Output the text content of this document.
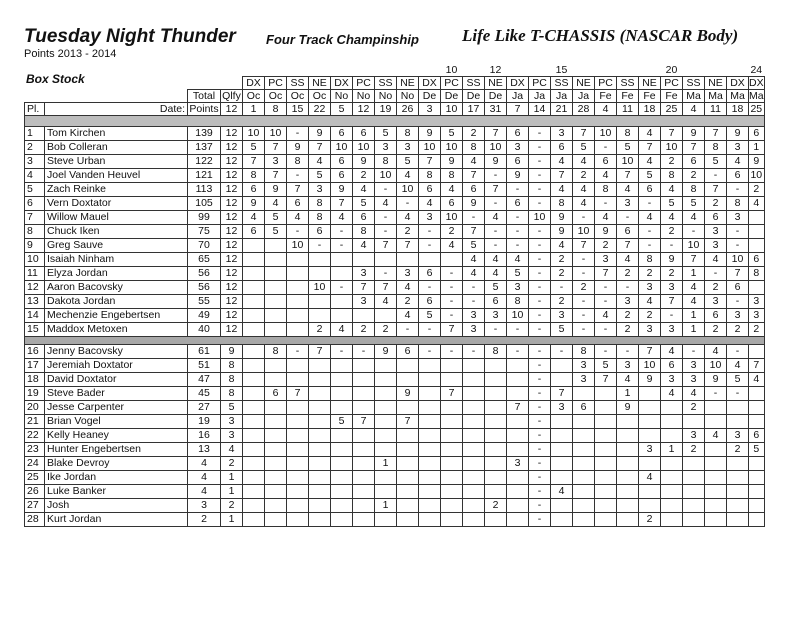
Tuesday Night Thunder
Points 2013 - 2014
Four Track Champinship	Life Like T-CHASSIS (NASCAR Body)
Box Stock
													10		12			15					20				24
				DX	PC	SS	NE	DX	PC	SS	NE	DX	PC	SS	NE	DX	PC	SS	NE	PC	SS	NE	PC	SS	NE	DX	DX
		Total	Qlfy	Oc	Oc	Oc	Oc	No	No	No	No	De	De	De	De	Ja	Ja	Ja	Ja	Fe	Fe	Fe	Fe	Ma	Ma	Ma	Ma
Pl.	Date:	Points	12	1	8	15	22	5	12	19	26	3	10	17	31	7	14	21	28	4	11	18	25	4	11	18	25

1	Tom Kirchen	139	12	10	10	-	9	6	6	5	8	9	5	2	7	6	-	3	7	10	8	4	7	9	7	9	6
2	Bob Colleran	137	12	5	7	9	7	10	10	3	3	10	10	8	10	3	-	6	5	-	5	7	10	7	8	3	1
3	Steve Urban	122	12	7	3	8	4	6	9	8	5	7	9	4	9	6	-	4	4	6	10	4	2	6	5	4	9
4	Joel Vanden Heuvel	121	12	8	7	-	5	6	2	10	4	8	8	7	-	9	-	7	2	4	7	5	8	2	-	6	10
5	Zach Reinke	113	12	6	9	7	3	9	4	-	10	6	4	6	7	-	-	4	4	8	4	6	4	8	7	-	2
6	Vern Doxtator	105	12	9	4	6	8	7	5	4	-	4	6	9	-	6	-	8	4	-	3	-	5	5	2	8	4
7	Willow Mauel	99	12	4	5	4	8	4	6	-	4	3	10	-	4	-	10	9	-	4	-	4	4	4	6	3	
8	Chuck Iken	75	12	6	5	-	6	-	8	-	2	-	2	7	-	-	-	9	10	9	6	-	2	-	3	-	
9	Greg Sauve	70	12			10	-	-	4	7	7	-	4	5	-	-	-	4	7	2	7	-	-	10	3	-	
10	Isaiah Ninham	65	12											4	4	4	-	2	-	3	4	8	9	7	4	10	6
11	Elyza Jordan	56	12						3	-	3	6	-	4	4	5	-	2	-	7	2	2	2	1	-	7	8
12	Aaron Bacovsky	56	12				10	-	7	7	4	-	-	-	5	3	-	-	2	-	-	3	3	4	2	6	
13	Dakota Jordan	55	12						3	4	2	6	-	-	6	8	-	2	-	-	3	4	7	4	3	-	3
14	Mechenzie Engebertsen	49	12								4	5	-	3	3	10	-	3	-	4	2	2	-	1	6	3	3
15	Maddox Metoxen	40	12				2	4	2	2	-	-	7	3	-	-	-	5	-	-	2	3	3	1	2	2	2

16	Jenny Bacovsky	61	9		8	-	7	-	-	9	6	-	-	-	8	-	-	-	8	-	-	7	4	-	4	-	
17	Jeremiah Doxtator	51	8														-		3	5	3	10	6	3	10	4	7
18	David Doxtator	47	8														-		3	7	4	9	3	3	9	5	4
19	Steve Bader	45	8		6	7					9		7				-	7			1		4	4	-	-	
20	Jesse Carpenter	27	5													7	-	3	6		9			2			
21	Brian Vogel	19	3					5	7		7						-										
22	Kelly Heaney	16	3														-							3	4	3	6
23	Hunter Engebertsen	13	4														-					3	1	2		2	5
24	Blake Devroy	4	2							1						3	-										
25	Ike Jordan	4	1														-					4					
26	Luke Banker	4	1														-	4									
27	Josh	3	2							1					2		-										
28	Kurt Jordan	2	1														-					2					
